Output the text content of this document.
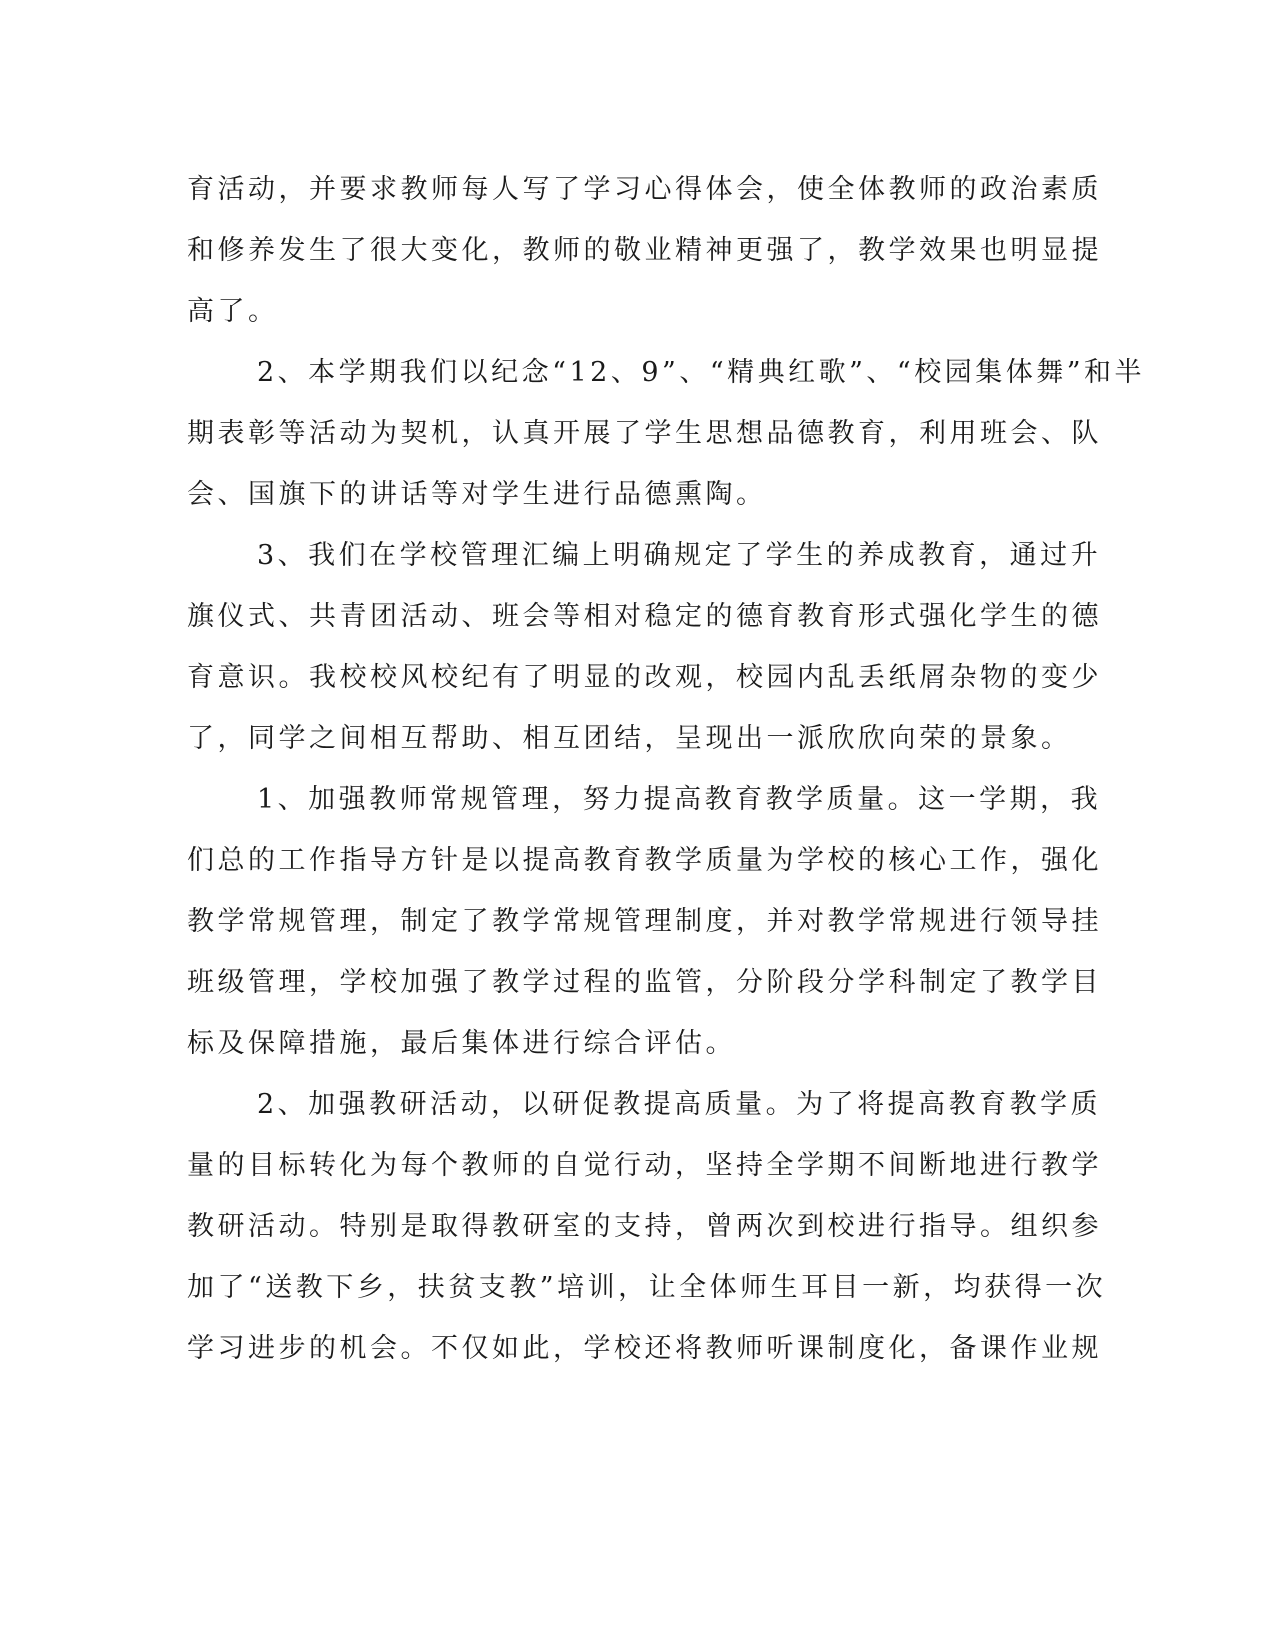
育活动，并要求教师每人写了学习心得体会，使全体教师的政治素质
和修养发生了很大变化，教师的敬业精神更强了，教学效果也明显提
高了。
2、本学期我们以纪念“12、9”、“精典红歌”、“校园集体舞”和半
期表彰等活动为契机，认真开展了学生思想品德教育，利用班会、队
会、国旗下的讲话等对学生进行品德熏陶。
3、我们在学校管理汇编上明确规定了学生的养成教育，通过升
旗仪式、共青团活动、班会等相对稳定的德育教育形式强化学生的德
育意识。我校校风校纪有了明显的改观，校园内乱丢纸屑杂物的变少
了，同学之间相互帮助、相互团结，呈现出一派欣欣向荣的景象。
1、加强教师常规管理，努力提高教育教学质量。这一学期，我
们总的工作指导方针是以提高教育教学质量为学校的核心工作，强化
教学常规管理，制定了教学常规管理制度，并对教学常规进行领导挂
班级管理，学校加强了教学过程的监管，分阶段分学科制定了教学目
标及保障措施，最后集体进行综合评估。
2、加强教研活动，以研促教提高质量。为了将提高教育教学质
量的目标转化为每个教师的自觉行动，坚持全学期不间断地进行教学
教研活动。特别是取得教研室的支持，曾两次到校进行指导。组织参
加了“送教下乡，扶贫支教”培训，让全体师生耳目一新，均获得一次
学习进步的机会。不仅如此，学校还将教师听课制度化，备课作业规
